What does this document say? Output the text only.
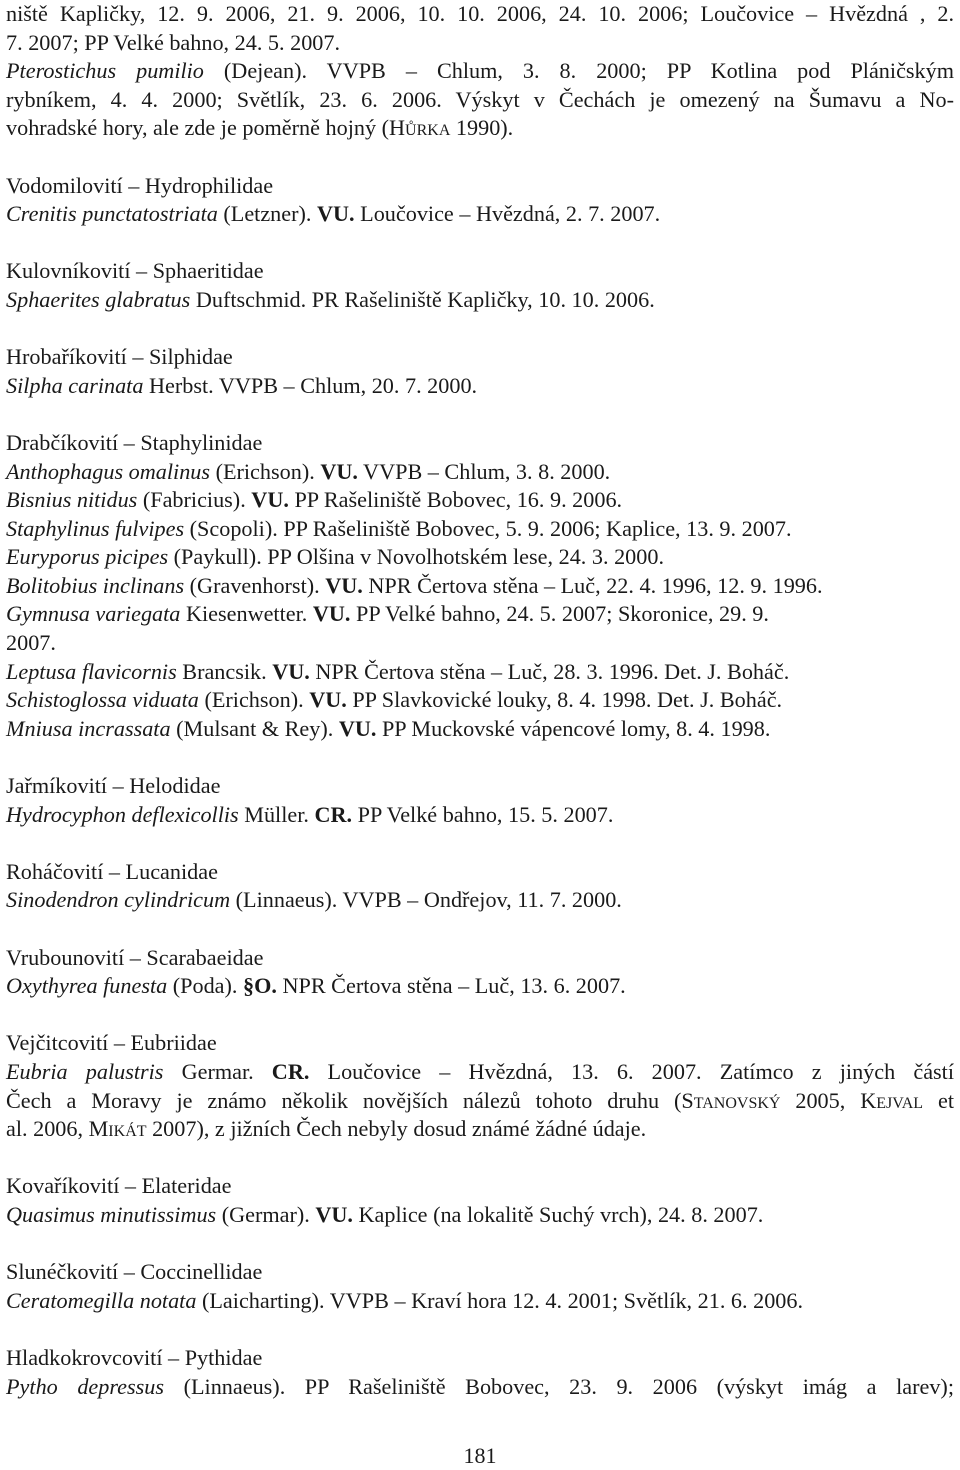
niště Kapličky, 12. 9. 2006, 21. 9. 2006, 10. 10. 2006, 24. 10. 2006; Loučovice – Hvězdná , 2.
7. 2007; PP Velké bahno, 24. 5. 2007.
Pterostichus pumilio (Dejean). VVPB – Chlum, 3. 8. 2000; PP Kotlina pod Pláničským
rybníkem, 4. 4. 2000; Světlík, 23. 6. 2006. Výskyt v Čechách je omezený na Šumavu a No-
vohradské hory, ale zde je poměrně hojný (Hůrka 1990).
Vodomilovití – Hydrophilidae
Crenitis punctatostriata (Letzner). VU. Loučovice – Hvězdná, 2. 7. 2007.
Kulovníkovití – Sphaeritidae
Sphaerites glabratus Duftschmid. PR Rašeliniště Kapličky, 10. 10. 2006.
Hrobaříkovití – Silphidae
Silpha carinata Herbst. VVPB – Chlum, 20. 7. 2000.
Drabčíkovití – Staphylinidae
Anthophagus omalinus (Erichson). VU. VVPB – Chlum, 3. 8. 2000.
Bisnius nitidus (Fabricius). VU. PP Rašeliniště Bobovec, 16. 9. 2006.
Staphylinus fulvipes (Scopoli). PP Rašeliniště Bobovec, 5. 9. 2006; Kaplice, 13. 9. 2007.
Euryporus picipes (Paykull). PP Olšina v Novolhotském lese, 24. 3. 2000.
Bolitobius inclinans (Gravenhorst). VU. NPR Čertova stěna – Luč, 22. 4. 1996, 12. 9. 1996.
Gymnusa variegata Kiesenwetter. VU. PP Velké bahno, 24. 5. 2007; Skoronice, 29. 9.
2007.
Leptusa flavicornis Brancsik. VU. NPR Čertova stěna – Luč, 28. 3. 1996. Det. J. Boháč.
Schistoglossa viduata (Erichson). VU. PP Slavkovické louky, 8. 4. 1998. Det. J. Boháč.
Mniusa incrassata (Mulsant & Rey). VU. PP Muckovské vápencové lomy, 8. 4. 1998.
Jařmíkovití – Helodidae
Hydrocyphon deflexicollis Müller. CR. PP Velké bahno, 15. 5. 2007.
Roháčovití – Lucanidae
Sinodendron cylindricum (Linnaeus). VVPB – Ondřejov, 11. 7. 2000.
Vrubounovití – Scarabaeidae
Oxythyrea funesta (Poda). §O. NPR Čertova stěna – Luč, 13. 6. 2007.
Vejčitcovití – Eubriidae
Eubria palustris Germar. CR. Loučovice – Hvězdná, 13. 6. 2007. Zatímco z jiných částí
Čech a Moravy je známo několik novějších nálezů tohoto druhu (Stanovský 2005, Kejval et
al. 2006, Mikát 2007), z jižních Čech nebyly dosud známé žádné údaje.
Kovaříkovití – Elateridae
Quasimus minutissimus (Germar). VU. Kaplice (na lokalitě Suchý vrch), 24. 8. 2007.
Slunéčkovití – Coccinellidae
Ceratomegilla notata (Laicharting). VVPB – Kraví hora 12. 4. 2001; Světlík, 21. 6. 2006.
Hladkokrovcovití – Pythidae
Pytho depressus (Linnaeus). PP Rašeliniště Bobovec, 23. 9. 2006 (výskyt imág a larev);
181
